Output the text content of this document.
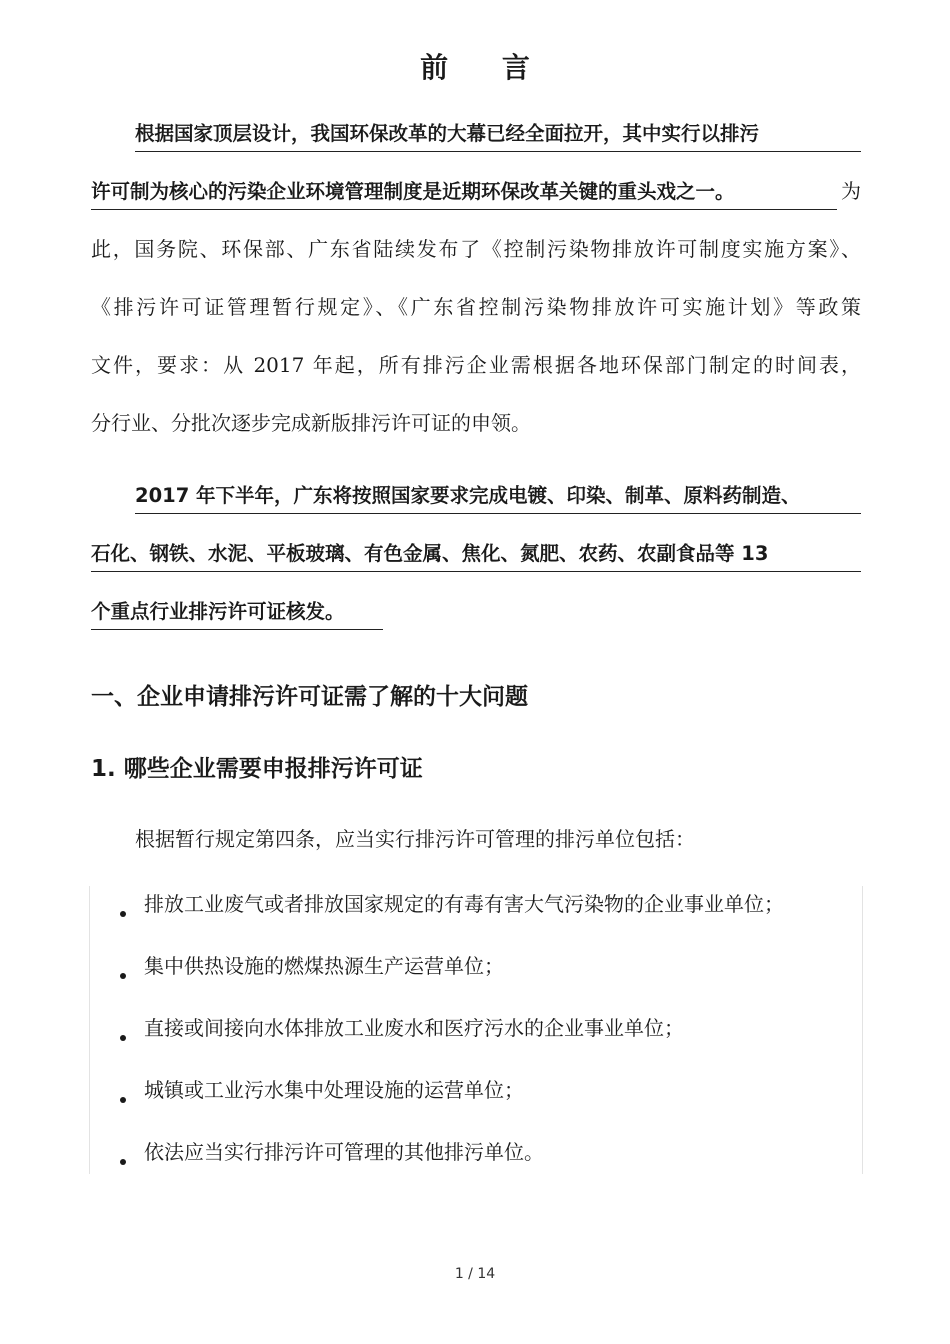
前 言
根据国家顶层设计，我国环保改革的大幕已经全面拉开，其中实行以排污
许可制为核心的污染企业环境管理制度是近期环保改革关键的重头戏之一。	为
此，国务院、环保部、广东省陆续发布了《控制污染物排放许可制度实施方案》、
《排污许可证管理暂行规定》、《广东省控制污染物排放许可实施计划》等政策
文件，要求：从 2017 年起，所有排污企业需根据各地环保部门制定的时间表，
分行业、分批次逐步完成新版排污许可证的申领。
2017 年下半年，广东将按照国家要求完成电镀、印染、制革、原料药制造、
石化、钢铁、水泥、平板玻璃、有色金属、焦化、氮肥、农药、农副食品等 13
个重点行业排污许可证核发。
一、企业申请排污许可证需了解的十大问题
1. 哪些企业需要申报排污许可证
根据暂行规定第四条，应当实行排污许可管理的排污单位包括：
排放工业废气或者排放国家规定的有毒有害大气污染物的企业事业单位；
集中供热设施的燃煤热源生产运营单位；
直接或间接向水体排放工业废水和医疗污水的企业事业单位；
城镇或工业污水集中处理设施的运营单位；
依法应当实行排污许可管理的其他排污单位。
1 / 14
